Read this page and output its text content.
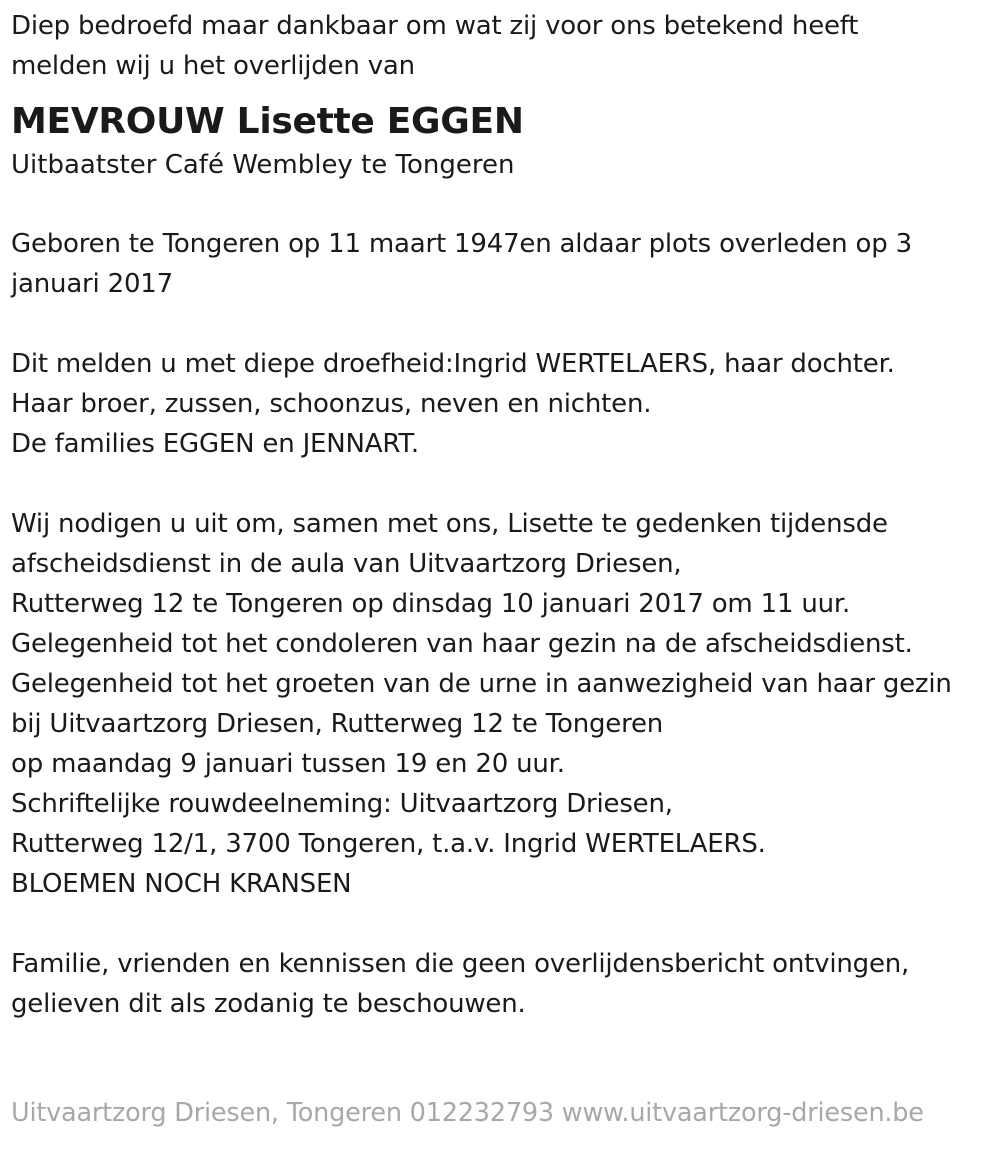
Diep bedroefd maar dankbaar om wat zij voor ons betekend heeft
melden wij u het overlijden van
MEVROUW Lisette EGGEN
Uitbaatster Café Wembley te Tongeren
Geboren te Tongeren op 11 maart 1947en aldaar plots overleden op 3
januari 2017
Dit melden u met diepe droefheid:Ingrid WERTELAERS, haar dochter.
Haar broer, zussen, schoonzus, neven en nichten.
De families EGGEN en JENNART.
Wij nodigen u uit om, samen met ons, Lisette te gedenken tijdensde
afscheidsdienst in de aula van Uitvaartzorg Driesen,
Rutterweg 12 te Tongeren op dinsdag 10 januari 2017 om 11 uur.
Gelegenheid tot het condoleren van haar gezin na de afscheidsdienst.
Gelegenheid tot het groeten van de urne in aanwezigheid van haar gezin
bij Uitvaartzorg Driesen, Rutterweg 12 te Tongeren
op maandag 9 januari tussen 19 en 20 uur.
Schriftelijke rouwdeelneming: Uitvaartzorg Driesen,
Rutterweg 12/1, 3700 Tongeren, t.a.v. Ingrid WERTELAERS.
BLOEMEN NOCH KRANSEN
Familie, vrienden en kennissen die geen overlijdensbericht ontvingen,
gelieven dit als zodanig te beschouwen.
Uitvaartzorg Driesen, Tongeren 012232793 www.uitvaartzorg-driesen.be
